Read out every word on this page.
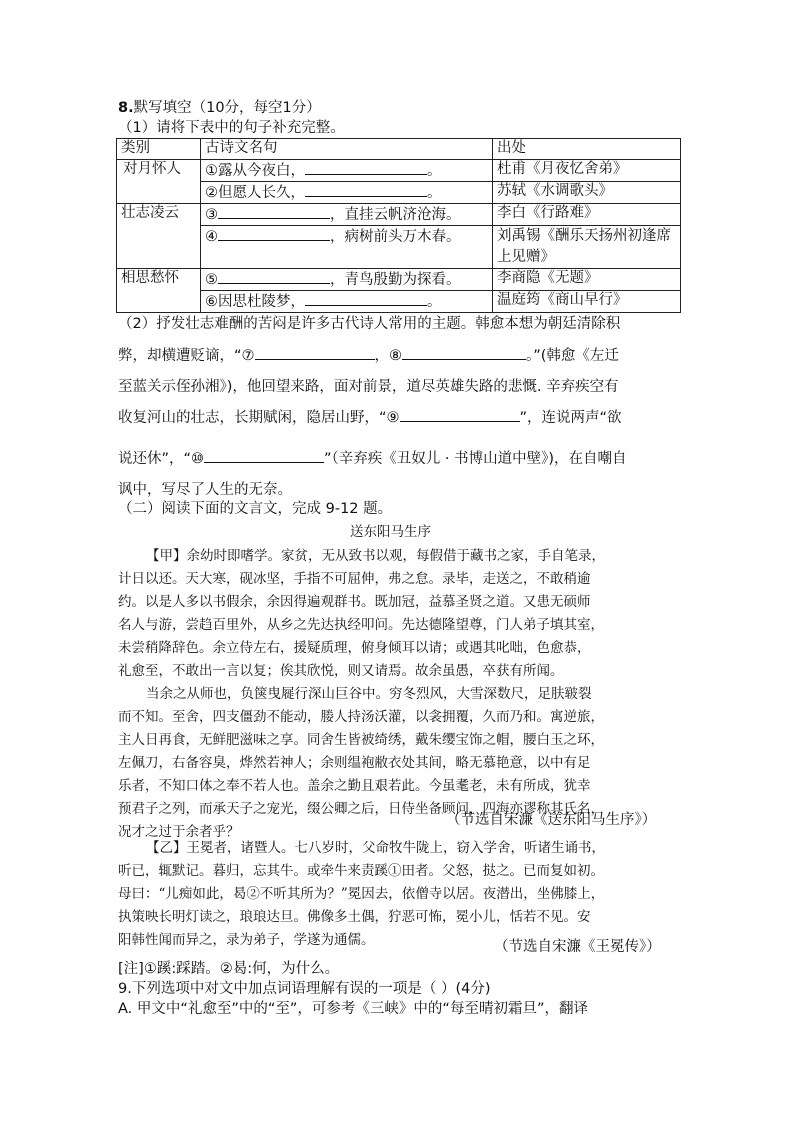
8.默写填空（10分，每空1分）
（1）请将下表中的句子补充完整。
类别	古诗文名句	出处
对月怀人	①露从今夜白， 。	杜甫《月夜忆舍弟》
	②但愿人长久， 。	苏轼《水调歌头》
壮志凌云	③ ，直挂云帆济沧海。	李白《行路难》
	④ ，病树前头万木春。	刘禹锡《酬乐天扬州初逢席上见赠》
相思愁怀	⑤ ，青鸟殷勤为探看。	李商隐《无题》
	⑥因思杜陵梦， 。	温庭筠《商山早行》
（2）抒发壮志难酬的苦闷是许多古代诗人常用的主题。韩愈本想为朝廷清除积
弊，却横遭贬谪，“⑦	，⑧	。”(韩愈《左迁
至蓝关示侄孙湘》)，他回望来路，面对前景，道尽英雄失路的悲慨. 辛弃疾空有
收复河山的壮志，长期赋闲，隐居山野，“⑨	”，连说两声“欲
说还休”，“⑩	”（辛弃疾《丑奴儿 · 书博山道中壁》)，在自嘲自
讽中，写尽了人生的无奈。
（二）阅读下面的文言文，完成 9-12 题。
送东阳马生序
【甲】余幼时即嗜学。家贫，无从致书以观，每假借于藏书之家，手自笔录，
计日以还。天大寒，砚冰坚，手指不可屈伸，弗之怠。录毕，走送之，不敢稍逾
约。以是人多以书假余，余因得遍观群书。既加冠，益慕圣贤之道。又患无硕师
名人与游，尝趋百里外，从乡之先达执经叩问。先达德隆望尊，门人弟子填其室，
未尝稍降辞色。余立侍左右，援疑质理，俯身倾耳以请；或遇其叱咄，色愈恭，
礼愈至，不敢出一言以复；俟其欣悦，则又请焉。故余虽愚，卒获有所闻。
当余之从师也，负箧曳屣行深山巨谷中。穷冬烈风，大雪深数尺，足肤皲裂
而不知。至舍，四支僵劲不能动，媵人持汤沃灌，以衾拥覆，久而乃和。寓逆旅，
主人日再食，无鲜肥滋味之享。同舍生皆被绮绣，戴朱缨宝饰之帽，腰白玉之环，
左佩刀，右备容臭，烨然若神人；余则缊袍敝衣处其间，略无慕艳意，以中有足
乐者，不知口体之奉不若人也。盖余之勤且艰若此。今虽耄老，未有所成，犹幸
预君子之列，而承天子之宠光，缀公卿之后，日侍坐备顾问，四海亦谬称其氏名，
况才之过于余者乎？
（节选自宋濂《送东阳马生序》）
【乙】王冕者，诸暨人。七八岁时，父命牧牛陇上，窃入学舍，听诸生诵书，
听已，辄默记。暮归，忘其牛。或牵牛来责蹊①田者。父怒，挞之。已而复如初。
母曰：“儿痴如此，曷②不听其所为？”冕因去，依僧寺以居。夜潜出，坐佛膝上，
执策映长明灯读之，琅琅达旦。佛像多土偶，狞恶可怖，冕小儿，恬若不见。安
阳韩性闻而异之，录为弟子，学遂为通儒。	（节选自宋濂《王冕传》）
[注]①蹊:踩踏。②曷:何，为什么。
9.下列选项中对文中加点词语理解有误的一项是（ ）(4分)
A. 甲文中“礼愈至”中的“至”，可参考《三峡》中的“每至晴初霜旦”，翻译
